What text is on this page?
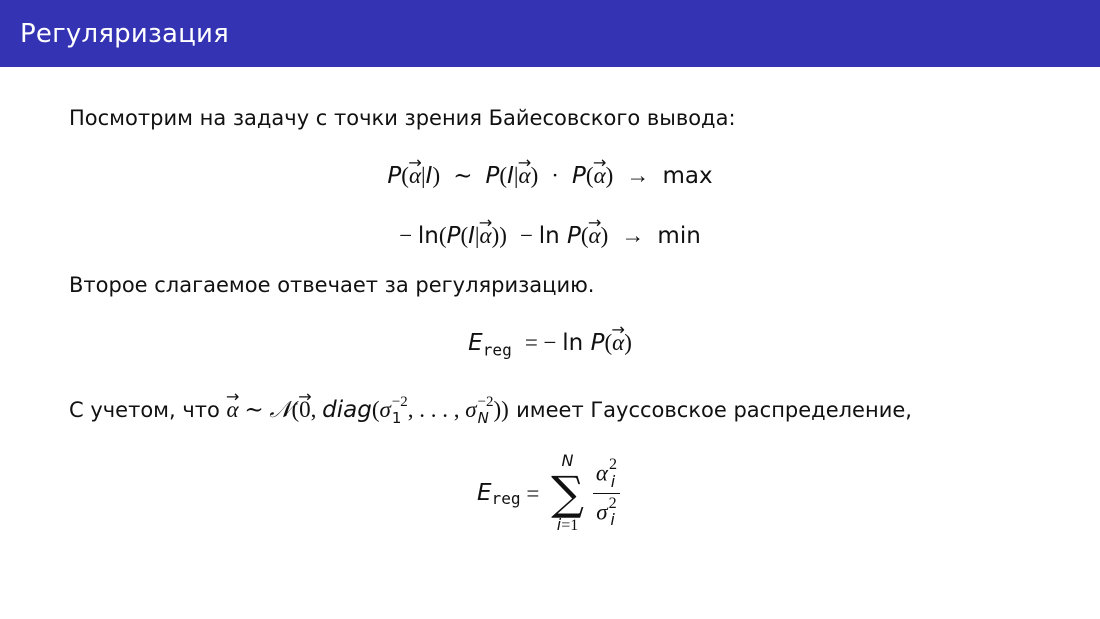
Регуляризация
Посмотрим на задачу с точки зрения Байесовского вывода:
P(→ α|I)  ∼  P(I|→ α)  ·  P(→ α)  →  max
− ln(P(I|→ α))  − ln P(→ α)  →  min
Второе слагаемое отвечает за регуляризацию.
$E_{reg}$  = − ln P(→ α)
С учетом, что → α ∼ 𝒩(→ 0, diag(σ −2
1 , . . . , σ −2
N )) имеет Гауссовское распределение,
E reg =
N
∑
i=1 α 2
i
σ 2
i
